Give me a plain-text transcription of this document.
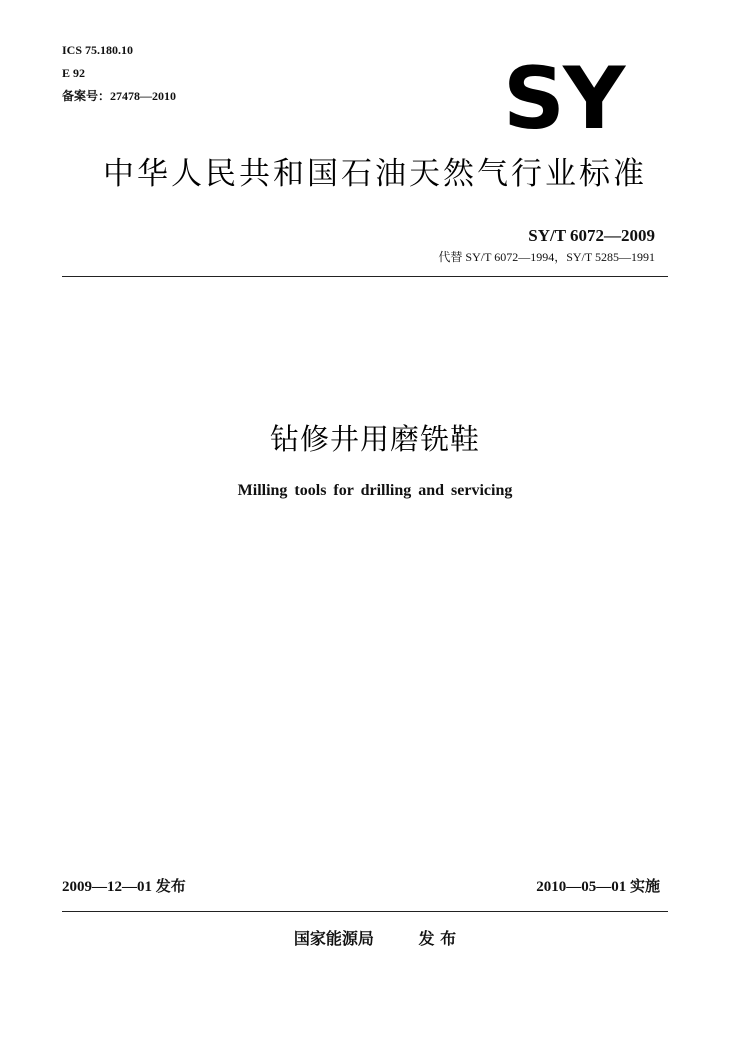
ICS 75.180.10
E 92
备案号：27478—2010	SY
中华人民共和国石油天然气行业标准
SY/T 6072—2009
代替 SY/T 6072—1994，SY/T 5285—1991
钻修井用磨铣鞋
Milling tools for drilling and servicing
2009—12—01 发布	2010—05—01 实施
国家能源局	发 布
